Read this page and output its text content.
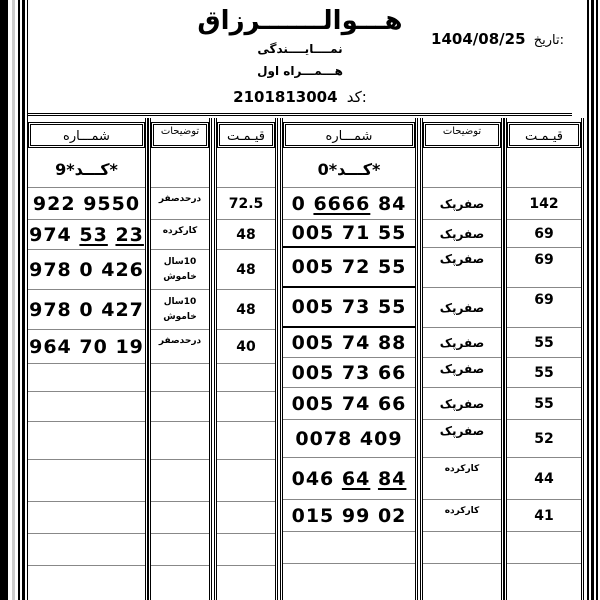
هـــوالـــــــرزاق
نمــــایــــندگی
هـــمـــراه اول
2101813004 کد:
1404/08/25 تاریخ:
شمـــاره
کـــد*9*
922 9550
974 53 23
978 0 426
978 0 427
964 70 19
توضیحات
درحدصفر
کارکرده
10سال خاموش
10سال خاموش
درحدصفر
قیـمـت
72.5
48
48
48
40
شمـــاره
کـــد*0*
0 6666 84
005 71 55
005 72 55
005 73 55
005 74 88
005 73 66
005 74 66
0078 409
046 64 84
015 99 02
توضیحات
صفرپک
صفرپک
صفرپک
صفرپک
صفرپک
صفرپک
صفرپک
صفرپک
کارکرده
کارکرده
قیـمـت
142
69
69
69
55
55
55
52
44
41
